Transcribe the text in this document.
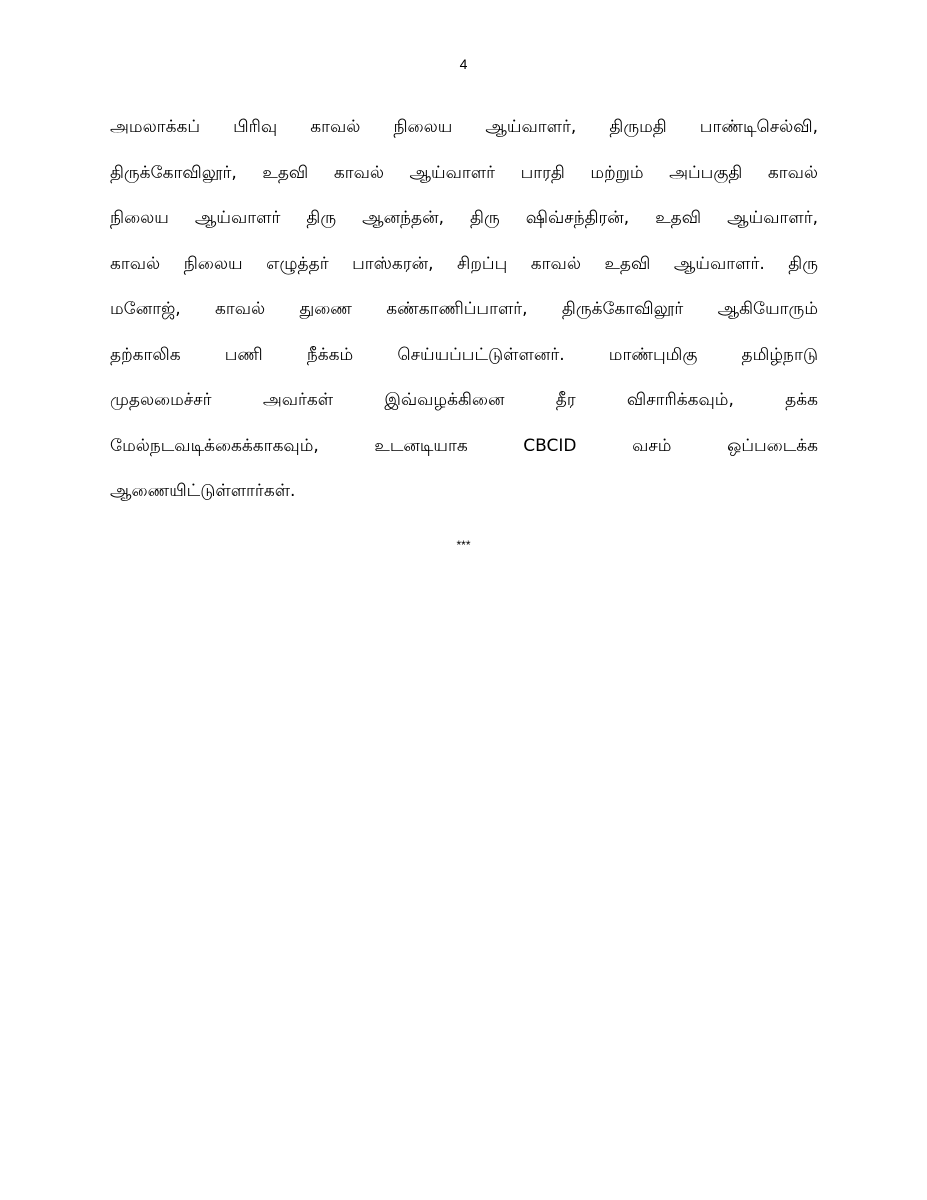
4
அமலாக்கப் பிரிவு காவல் நிலைய ஆய்வாளர், திருமதி பாண்டிசெல்வி,
திருக்கோவிலூர், உதவி காவல் ஆய்வாளர் பாரதி மற்றும் அப்பகுதி காவல்
நிலைய ஆய்வாளர் திரு ஆனந்தன், திரு ஷிவ்சந்திரன், உதவி ஆய்வாளர்,
காவல் நிலைய எழுத்தர் பாஸ்கரன், சிறப்பு காவல் உதவி ஆய்வாளர். திரு
மனோஜ், காவல் துணை கண்காணிப்பாளர், திருக்கோவிலூர் ஆகியோரும்
தற்காலிக பணி நீக்கம் செய்யப்பட்டுள்ளனர். மாண்புமிகு தமிழ்நாடு
முதலமைச்சர் அவர்கள் இவ்வழக்கினை தீர விசாரிக்கவும், தக்க
மேல்நடவடிக்கைக்காகவும், உடனடியாக CBCID வசம் ஒப்படைக்க
ஆணையிட்டுள்ளார்கள்.
***
